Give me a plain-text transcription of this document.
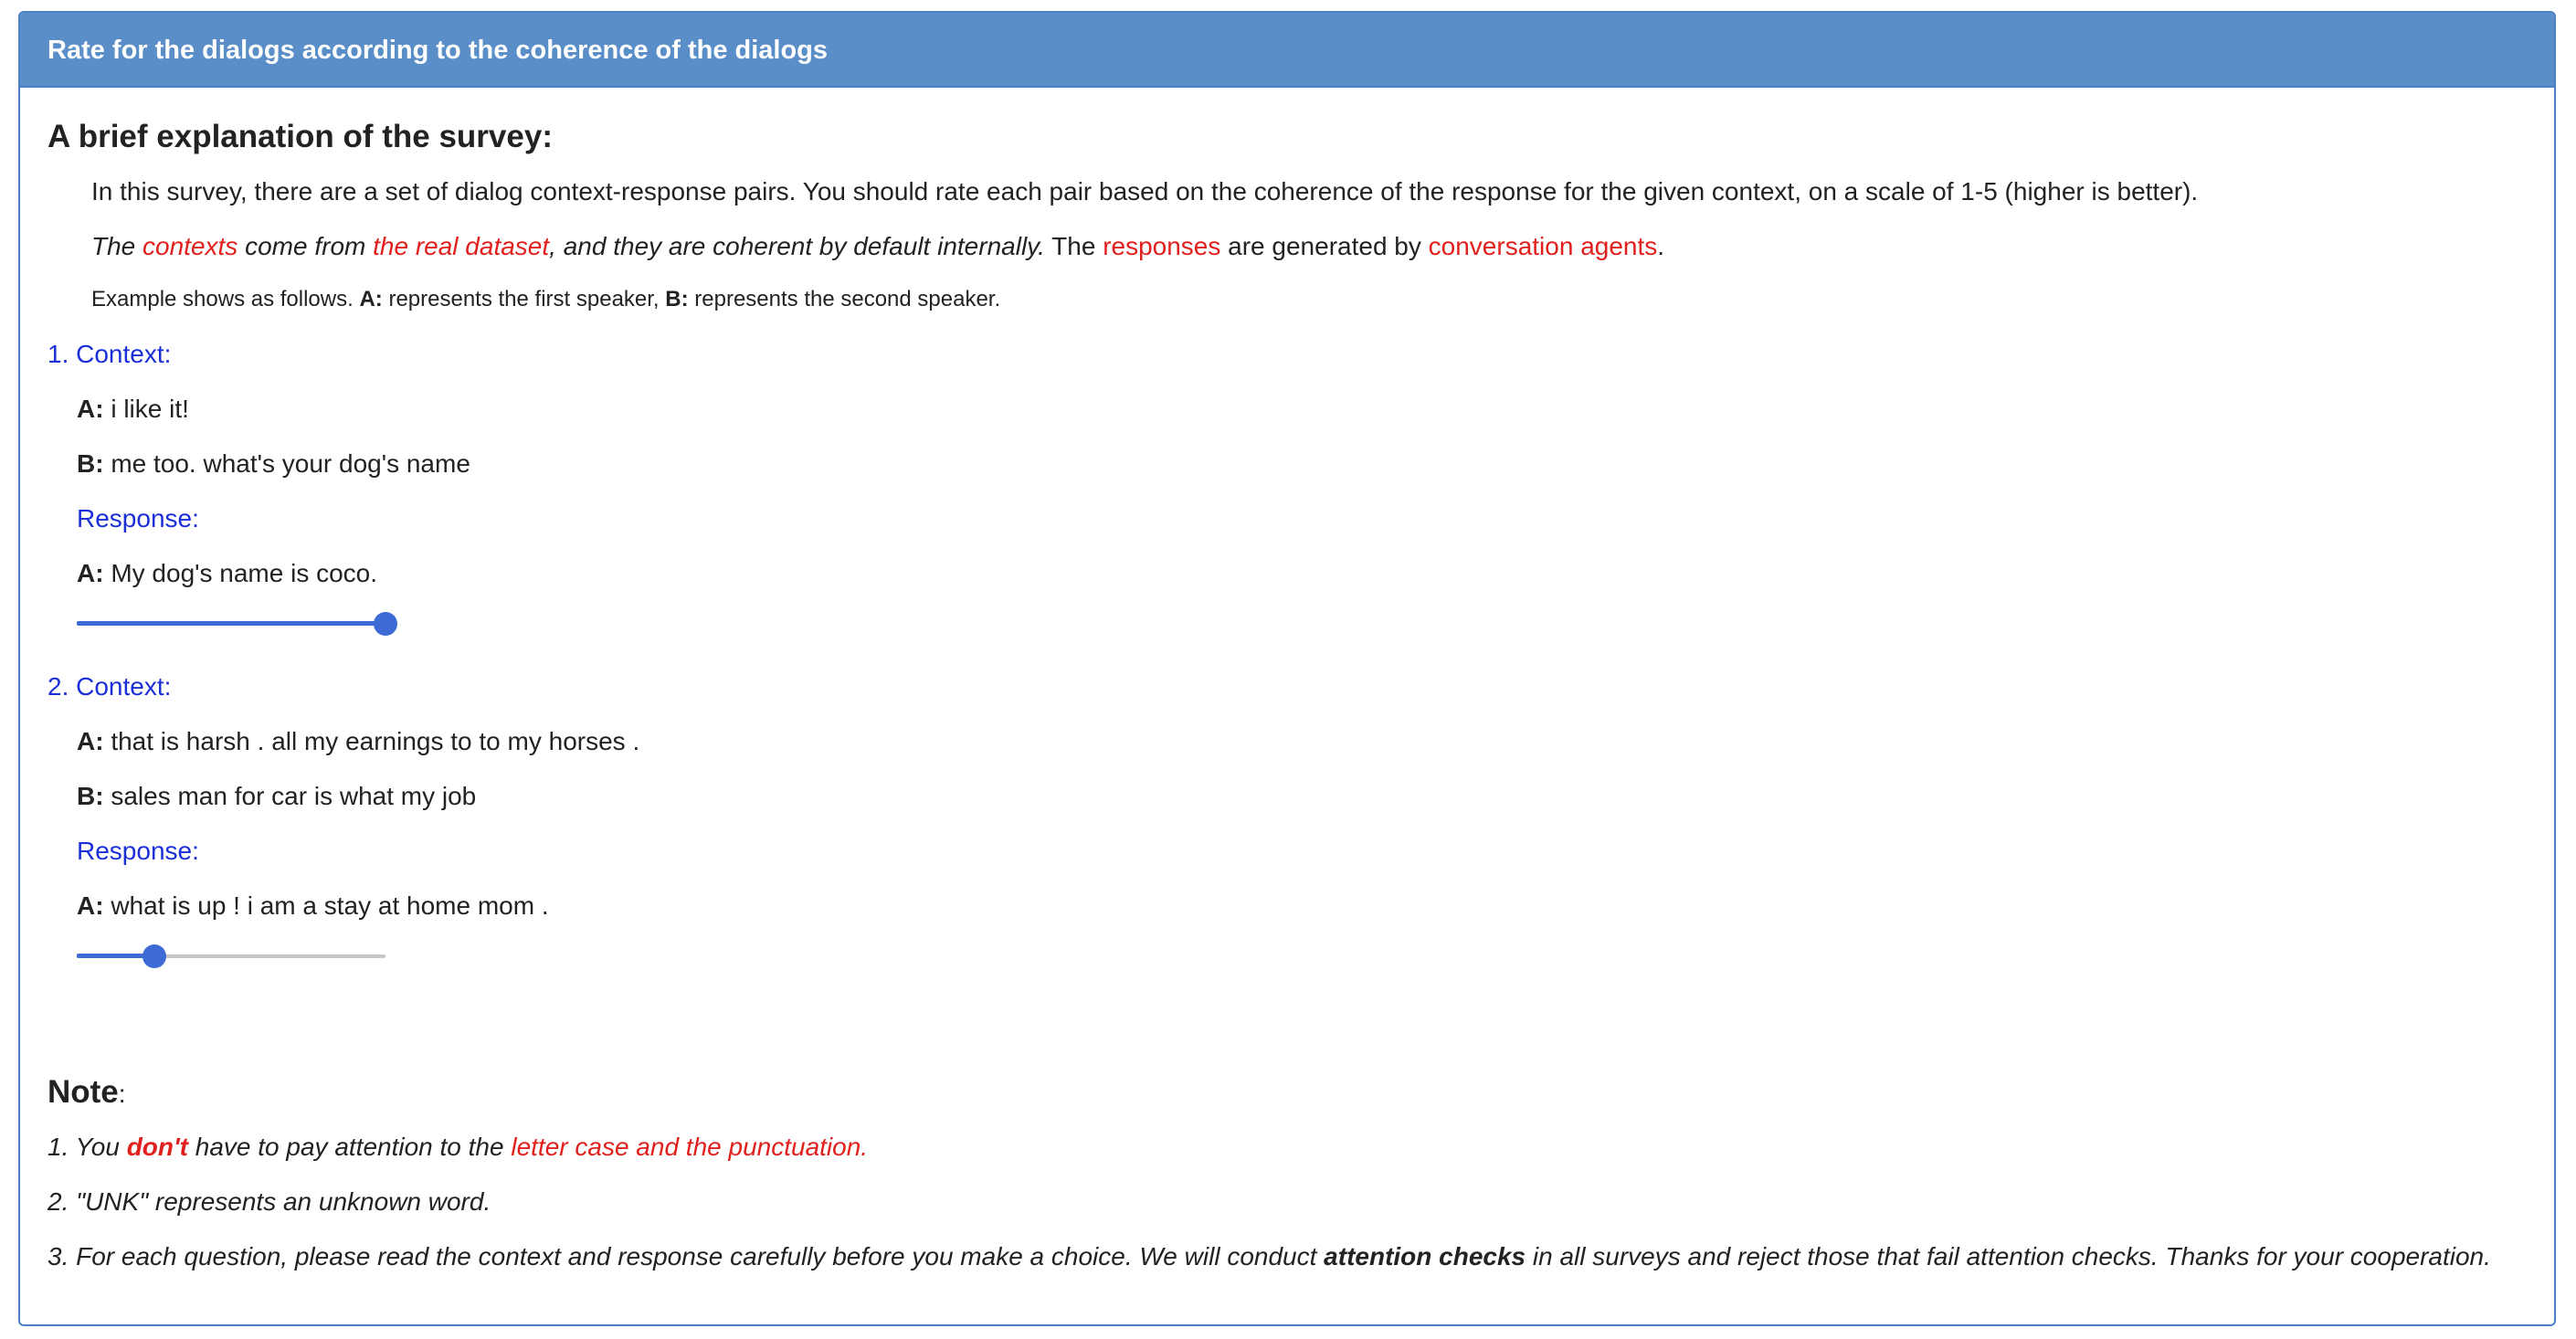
Rate for the dialogs according to the coherence of the dialogs
A brief explanation of the survey:
In this survey, there are a set of dialog context-response pairs. You should rate each pair based on the coherence of the response for the given context, on a scale of 1-5 (higher is better).
The contexts come from the real dataset, and they are coherent by default internally. The responses are generated by conversation agents.
Example shows as follows. A: represents the first speaker, B: represents the second speaker.
1. Context:
A: i like it!
B: me too. what's your dog's name
Response:
A: My dog's name is coco.
2. Context:
A: that is harsh . all my earnings to to my horses .
B: sales man for car is what my job
Response:
A: what is up ! i am a stay at home mom .
Note:
1. You don't have to pay attention to the letter case and the punctuation.
2. "UNK" represents an unknown word.
3. For each question, please read the context and response carefully before you make a choice. We will conduct attention checks in all surveys and reject those that fail attention checks. Thanks for your cooperation.
